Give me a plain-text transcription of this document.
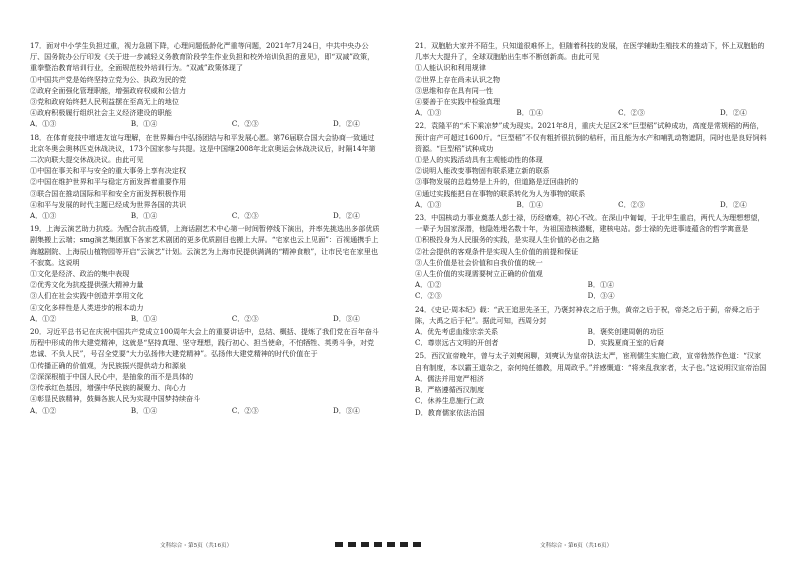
17．面对中小学生负担过重，视力急剧下降，心理问题低龄化严重等问题，2021年7月24日，中共中央办公厅、国务院办公厅印发《关于进一步减轻义务教育阶段学生作业负担和校外培训负担的意见》，即“双减”政策，重拳整治教育培训行业，全面规范校外培训行为。“双减”政策体现了

①中国共产党是始终坚持立党为公、执政为民的党

②政府全面强化管理职能，增强政府权威和公信力

③党和政府始终把人民利益摆在至高无上的地位

④政府积极履行组织社会主义经济建设的职能

A．①③	B．①④	C．②③	D．②④

18．在体育竞技中增进友谊与理解，在世界舞台中弘扬团结与和平发展心愿。第76届联合国大会协商一致通过北京冬奥会奥林匹克休战决议，173个国家参与共提。这是中国继2008年北京奥运会休战决议后，时隔14年第二次向联大提交休战决议。由此可见

①中国在事关和平与安全的重大事务上享有决定权

②中国在维护世界和平与稳定方面发挥着重要作用

③联合国在推动国际和平和安全方面发挥积极作用

④和平与发展的时代主题已经成为世界各国的共识

A．①③	B．①④	C．②③	D．②④

19．上海云演艺助力抗疫。为配合抗击疫情，上海话剧艺术中心第一时间暂停线下演出，并率先挑选出多部优质剧集搬上云端；smg演艺集团旗下各家艺术剧团的更多优质剧目也搬上大屏。“宅家也云上见面”：百视通携手上海越剧院、上海辰山植物园等开启“云演艺”计划。云演艺为上海市民提供满满的“精神食粮”，让市民宅在家里也不寂寞。这说明

①文化是经济、政治的集中表现

②优秀文化为抗疫提供强大精神力量

③人们在社会实践中创造并享用文化

④文化多样性是人类进步的根本动力

A．①②	B．①④	C．②③	D．③④

20．习近平总书记在庆祝中国共产党成立100周年大会上的重要讲话中，总结、概括、提炼了我们党在百年奋斗历程中形成的伟大建党精神，这就是“坚持真理、坚守理想，践行初心、担当使命，不怕牺牲、英勇斗争，对党忠诚、不负人民”，号召全党要“大力弘扬伟大建党精神”。弘扬伟大建党精神的时代价值在于

①传播正确的价值观，为民族振兴提供动力和源泉

②深深根植于中国人民心中，是抽象的而不是具体的

③传承红色基因，增强中华民族的凝聚力、向心力

④彰显民族精神，鼓舞各族人民为实现中国梦持续奋斗

A．①②	B．①④	C．②③	D．③④

21．双胞胎大家并不陌生，只知道很难怀上，但随着科技的发展，在医学辅助生殖技术的推动下，怀上双胞胎的几率大大提升了，全球双胞胎出生率不断创新高。由此可见

①人能认识和利用规律

②世界上存在尚未认识之物

③思维和存在具有同一性

④要善于在实践中检验真理

A．①③	B．①④	C．②③	D．②④

22．袁隆平的“禾下乘凉梦”成为现实。2021年8月，重庆大足区2米“巨型稻”试种成功，高度是常规稻的两倍，预计亩产可超过1600斤。“巨型稻”不仅有粗折很抗倒的秸秆，而且能为水产和哺乳动物遮阴，同时也是良好饲料资源。“巨型稻”试种成功

①是人的实践活动具有主观能动性的体现

②说明人能改变事物固有联系建立新的联系

③事物发展的总趋势是上升的，但道路是迂回曲折的

④通过实践能把自在事物的联系转化为人为事物的联系

A．①③	B．①④	C．②③	D．②④

23．中国核动力事业奠基人彭士禄，历经磨难，初心不改。在深山中匍匐，于北甲生重启，两代人为理想想望，一辈子为国家深潜，他隐姓埋名数十年，为祖国造核潜艇，建核电站。彭士禄的先进事迹蕴含的哲学寓意是

①积极投身为人民服务的实践，是实现人生价值的必由之路

②社会提供的客观条件是实现人生价值的前提和保证

③人生价值是社会价值和自我价值的统一

④人生价值的实现需要树立正确的价值观

A．①②	B．①④
C．②③	D．③④

24．《史记·周本纪》载：“武王追思先圣王，乃褒封神农之后于焦，黄帝之后于祝，帝尧之后于蓟，帝舜之后于陈，大禹之后于杞”。据此可知，西周分封

A．优先考虑血缘宗亲关系	B．褒奖创建周朝的功臣
C．尊崇远古文明的开创者	D．实践夏商王室的后裔

25．西汉宣帝晚年，曾与太子刘奭闲聊，刘奭认为皇帝执法太严，宦刑儒生实施仁政，宣帝勃然作色道：“汉家自有制度，本以霸王道杂之，奈何纯任德教，用周政乎。”并感慨道：“将来乱我家者，太子也。”这说明汉宣帝治国

A．儒法并用宽严相济
B．严格遵循西汉制度
C．休养生息施行仁政
D．教育儒家依法治国
文科综合・第5页（共16页）	文科综合・第6页（共16页）
